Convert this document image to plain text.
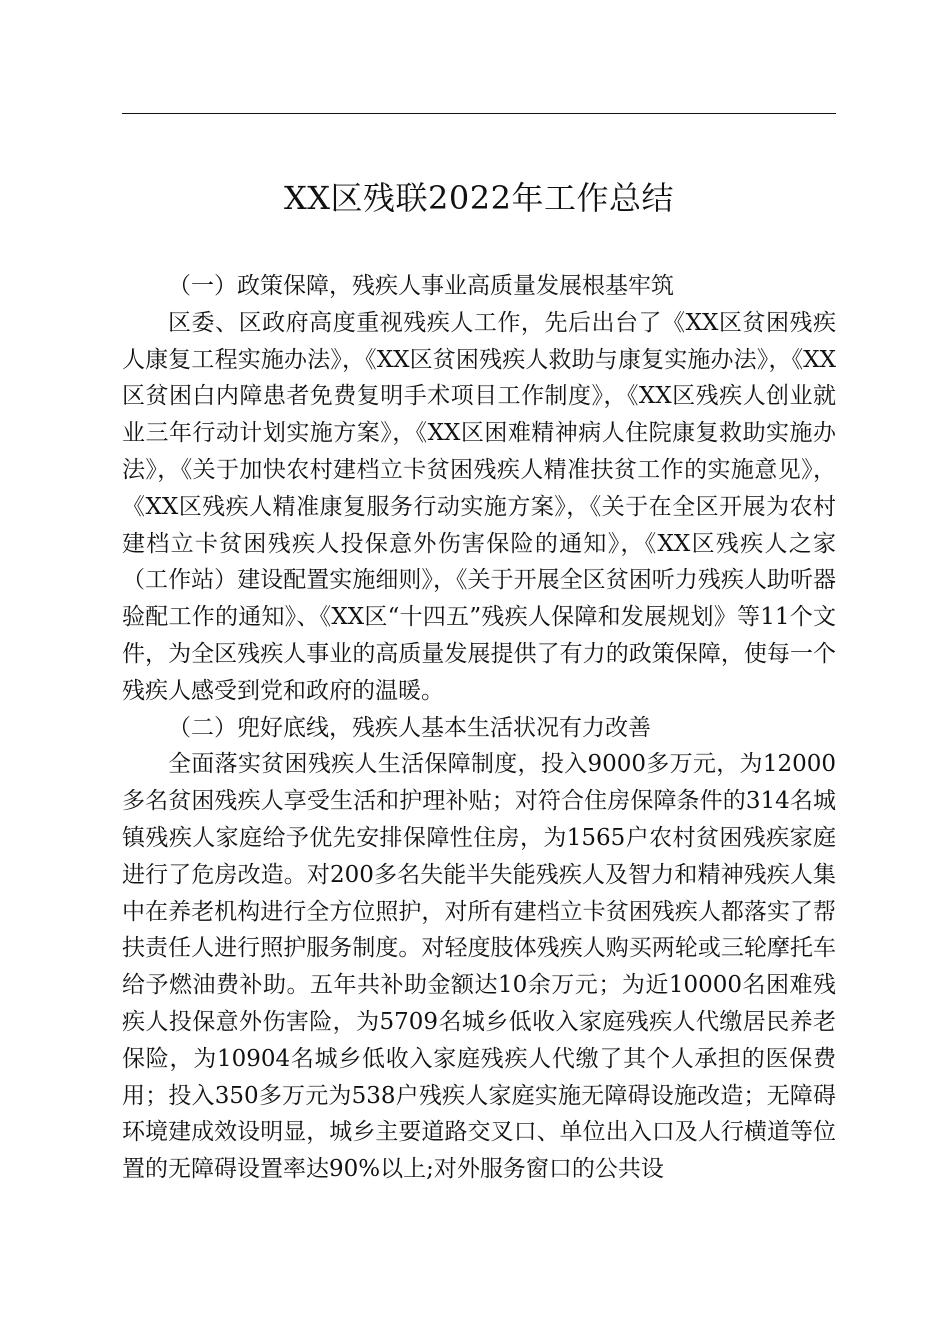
XX区残联2022年工作总结

（一）政策保障，残疾人事业高质量发展根基牢筑

区委、区政府高度重视残疾人工作，先后出台了《XX区贫困残疾人康复工程实施办法》，《XX区贫困残疾人救助与康复实施办法》，《XX区贫困白内障患者免费复明手术项目工作制度》，《XX区残疾人创业就业三年行动计划实施方案》，《XX区困难精神病人住院康复救助实施办法》，《关于加快农村建档立卡贫困残疾人精准扶贫工作的实施意见》，《XX区残疾人精准康复服务行动实施方案》，《关于在全区开展为农村建档立卡贫困残疾人投保意外伤害保险的通知》，《XX区残疾人之家（工作站）建设配置实施细则》，《关于开展全区贫困听力残疾人助听器验配工作的通知》、《XX区“十四五”残疾人保障和发展规划》等11个文件，为全区残疾人事业的高质量发展提供了有力的政策保障，使每一个残疾人感受到党和政府的温暖。

（二）兜好底线，残疾人基本生活状况有力改善

全面落实贫困残疾人生活保障制度，投入9000多万元，为12000多名贫困残疾人享受生活和护理补贴；对符合住房保障条件的314名城镇残疾人家庭给予优先安排保障性住房，为1565户农村贫困残疾家庭进行了危房改造。对200多名失能半失能残疾人及智力和精神残疾人集中在养老机构进行全方位照护，对所有建档立卡贫困残疾人都落实了帮扶责任人进行照护服务制度。对轻度肢体残疾人购买两轮或三轮摩托车给予燃油费补助。五年共补助金额达10余万元；为近10000名困难残疾人投保意外伤害险，为5709名城乡低收入家庭残疾人代缴居民养老保险，为10904名城乡低收入家庭残疾人代缴了其个人承担的医保费用；投入350多万元为538户残疾人家庭实施无障碍设施改造；无障碍环境建成效设明显，城乡主要道路交叉口、单位出入口及人行横道等位置的无障碍设置率达90%以上;对外服务窗口的公共设
